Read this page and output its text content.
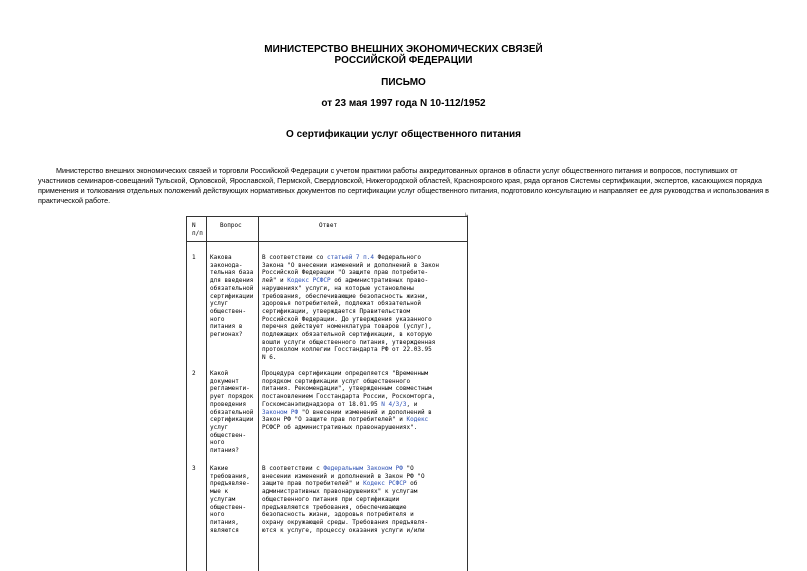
МИНИСТЕРСТВО ВНЕШНИХ ЭКОНОМИЧЕСКИХ СВЯЗЕЙ
РОССИЙСКОЙ ФЕДЕРАЦИИ
ПИСЬМО
от 23 мая 1997 года N 10-112/1952
О сертификации услуг общественного питания

Министерство внешних экономических связей и торговли Российской Федерации с учетом практики работы аккредитованных органов в области услуг общественного питания и вопросов, поступивших от участников семинаров-совещаний Тульской, Орловской, Ярославской, Пермской, Свердловской, Нижегородской областей, Красноярского края, ряда органов Системы сертификации, экспертов, касающихся порядка применения и толкования отдельных положений действующих нормативных документов по сертификации услуг общественного питания, подготовило консультацию и направляет ее для руководства и использования в практической работе.

↳
N
п/п
Вопрос	Ответ
1 Какова
законода-
тельная база
для введения
обязательной
сертификации
услуг
обществен-
ного
питания в
регионах?
В соответствии со статьей 7 п.4 Федерального
Закона "О внесении изменений и дополнений в Закон
Российской Федерации "О защите прав потребите-
лей" и Кодекс РСФСР об административных право-
нарушениях" услуги, на которые установлены
требования, обеспечивающие безопасность жизни,
здоровья потребителей, подлежат обязательной
сертификации, утверждается Правительством
Российской Федерации. До утверждения указанного
перечня действует номенклатура товаров (услуг),
подлежащих обязательной сертификации, в которую
вошли услуги общественного питания, утвержденная
протоколом коллегии Госстандарта РФ от 22.03.95
N 6.
2 Какой
документ
регламенти-
рует порядок
проведения
обязательной
сертификации
услуг
обществен-
ного
питания?
Процедура сертификации определяется "Временным
порядком сертификации услуг общественного
питания. Рекомендации", утвержденным совместным
постановлением Госстандарта России, Роскомторга,
Госкомсанэпиднадзора от 18.01.95 N 4/3/3, и
Законом РФ "О внесении изменений и дополнений в
Закон РФ "О защите прав потребителей" и Кодекс
РСФСР об административных правонарушениях".
3 Какие
требования,
предъявляе-
мые к
услугам
обществен-
ного
питания,
являются
В соответствии с Федеральным Законом РФ "О
внесении изменений и дополнений в Закон РФ "О
защите прав потребителей" и Кодекс РСФСР об
административных правонарушениях" к услугам
общественного питания при сертификации
предъявляются требования, обеспечивающие
безопасность жизни, здоровья потребителя и
охрану окружающей среды. Требования предъявля-
ются к услуге, процессу оказания услуги и/или
